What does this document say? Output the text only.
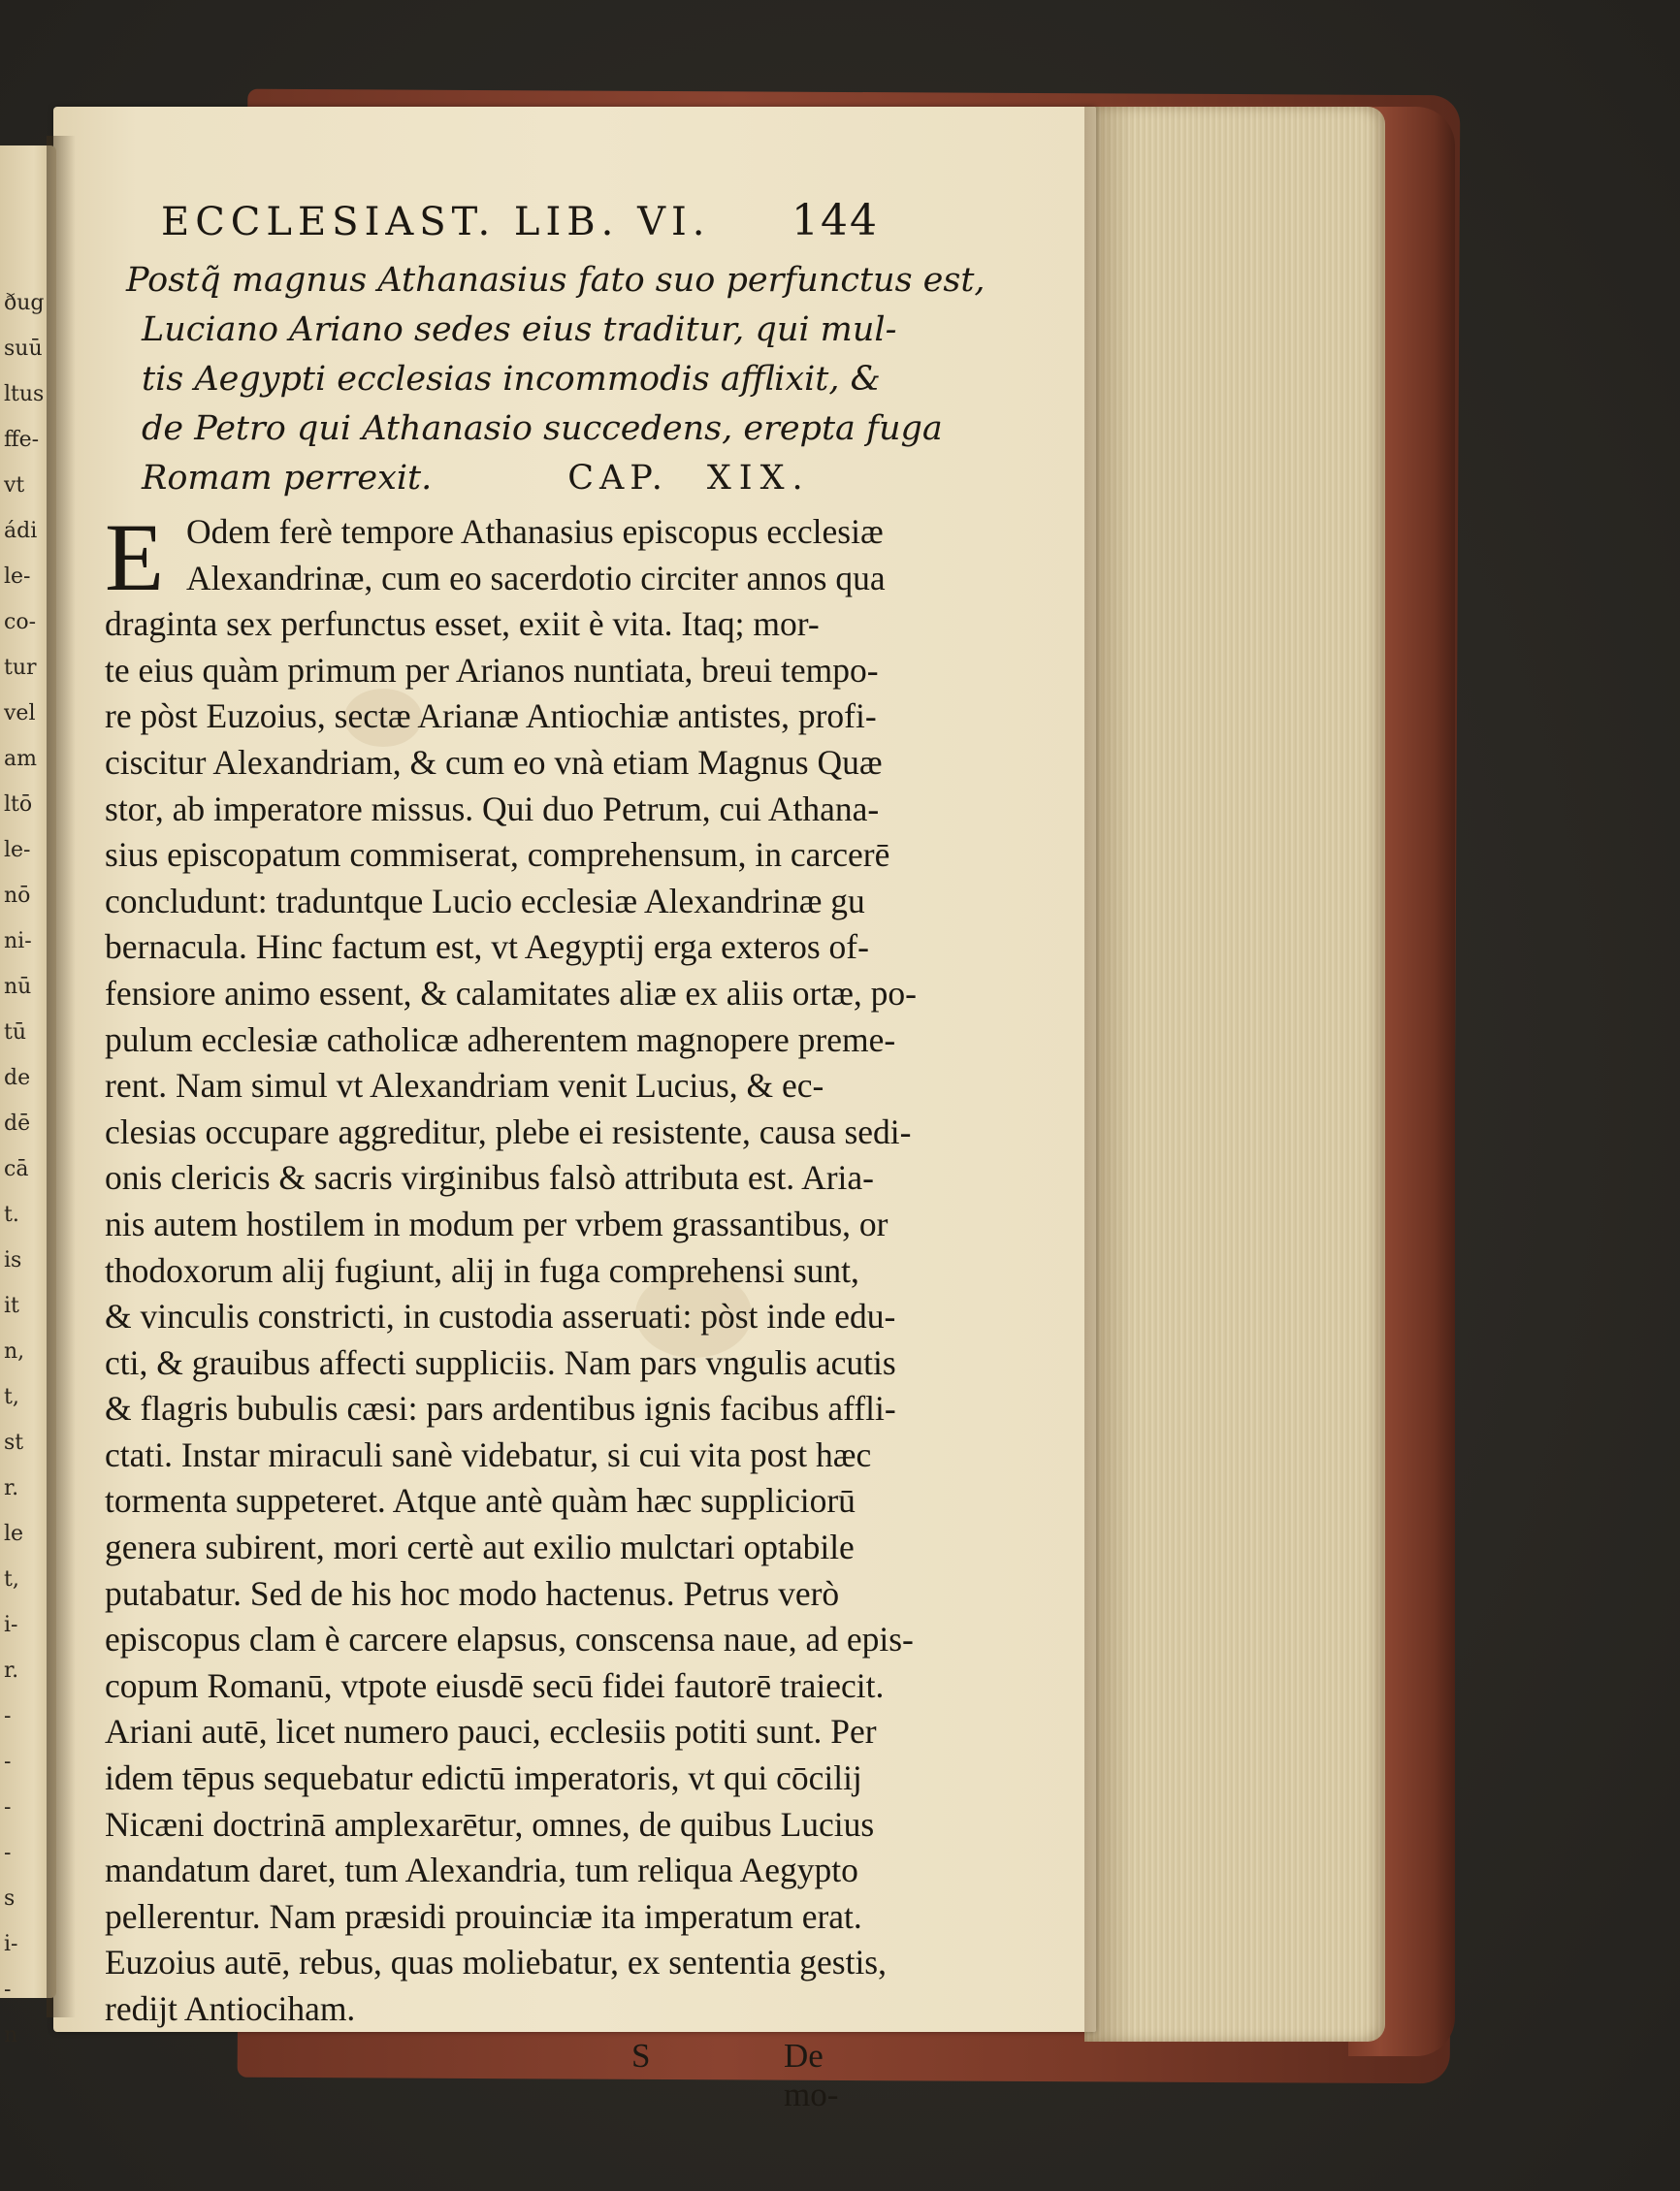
ðug
suū
ltus
ffe-
vt
ádi
le-
co-
tur
vel
am
ltō
le-
nō
ni-
nū
tū
de
dē
cā
t.
is
it
n,
t,
st
r.
le
t,
i-
r.
-
-
-
-
s
i-
-
n
ECCLESIAST. LIB. VI. 144
Postq̃ magnus Athanasius fato suo perfunctus est,
Luciano Ariano sedes eius traditur, qui mul-
tis Aegypti ecclesias incommodis afflixit, &
de Petro qui Athanasio succedens, erepta fuga
Romam perrexit.	CAP. XIX.
E Odem ferè tempore Athanasius episcopus ecclesiæ
Alexandrinæ, cum eo sacerdotio circiter annos qua
draginta sex perfunctus esset, exiit è vita. Itaq; mor-
te eius quàm primum per Arianos nuntiata, breui tempo-
re pòst Euzoius, sectæ Arianæ Antiochiæ antistes, profi-
ciscitur Alexandriam, & cum eo vnà etiam Magnus Quæ
stor, ab imperatore missus. Qui duo Petrum, cui Athana-
sius episcopatum commiserat, comprehensum, in carcerē
concludunt: traduntque Lucio ecclesiæ Alexandrinæ gu
bernacula. Hinc factum est, vt Aegyptij erga exteros of-
fensiore animo essent, & calamitates aliæ ex aliis ortæ, po-
pulum ecclesiæ catholicæ adherentem magnopere preme-
rent. Nam simul vt Alexandriam venit Lucius, & ec-
clesias occupare aggreditur, plebe ei resistente, causa sedi-
onis clericis & sacris virginibus falsò attributa est. Aria-
nis autem hostilem in modum per vrbem grassantibus, or
thodoxorum alij fugiunt, alij in fuga comprehensi sunt,
& vinculis constricti, in custodia asseruati: pòst inde edu-
cti, & grauibus affecti suppliciis. Nam pars vngulis acutis
& flagris bubulis cæsi: pars ardentibus ignis facibus affli-
ctati. Instar miraculi sanè videbatur, si cui vita post hæc
tormenta suppeteret. Atque antè quàm hæc suppliciorū
genera subirent, mori certè aut exilio mulctari optabile
putabatur. Sed de his hoc modo hactenus. Petrus verò
episcopus clam è carcere elapsus, conscensa naue, ad epis-
copum Romanū, vtpote eiusdē secū fidei fautorē traiecit.
Ariani autē, licet numero pauci, ecclesiis potiti sunt. Per
idem tēpus sequebatur edictū imperatoris, vt qui cōcilij
Nicæni doctrinā amplexarētur, omnes, de quibus Lucius
mandatum daret, tum Alexandria, tum reliqua Aegypto
pellerentur. Nam præsidi prouinciæ ita imperatum erat.
Euzoius autē, rebus, quas moliebatur, ex sententia gestis,
redijt Antiociham.
S	De mo-
